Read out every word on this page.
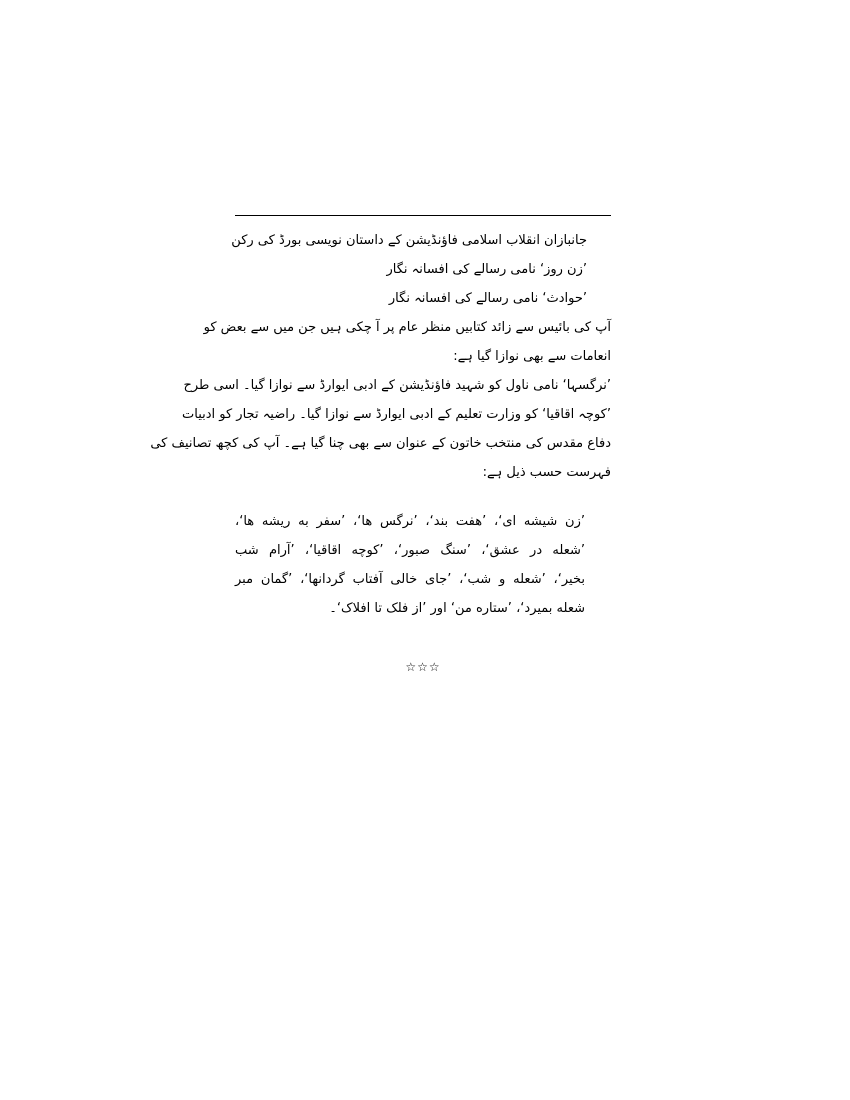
جانبازان انقلاب اسلامی فاؤنڈیشن کے داستان نویسی بورڈ کی رکن
’زن روز‘ نامی رسالے کی افسانہ نگار
’حوادث‘ نامی رسالے کی افسانہ نگار
آپ کی بائیس سے زائد کتابیں منظر عام پر آ چکی ہیں جن میں سے بعض کو
انعامات سے بھی نوازا گیا ہے:
’نرگسہا‘ نامی ناول کو شہید فاؤنڈیشن کے ادبی ایوارڈ سے نوازا گیا۔ اسی طرح
’کوچہ اقاقیا‘ کو وزارت تعلیم کے ادبی ایوارڈ سے نوازا گیا۔ راضیہ تجار کو ادبیات
دفاع مقدس کی منتخب خاتون کے عنوان سے بھی چنا گیا ہے۔ آپ کی کچھ تصانیف کی
فہرست حسب ذیل ہے:
’زن شیشه ای‘، ’هفت بند‘، ’نرگس ها‘، ’سفر به ریشه ها‘،
’شعله در عشق‘، ’سنگ صبور‘، ’کوچه اقاقیا‘، ’آرام شب
بخیر‘، ’شعله و شب‘، ’جای خالی آفتاب گردانها‘، ’گمان مبر
شعله بمیرد‘، ’ستاره من‘ اور ’از فلک تا افلاک‘۔
☆☆☆
